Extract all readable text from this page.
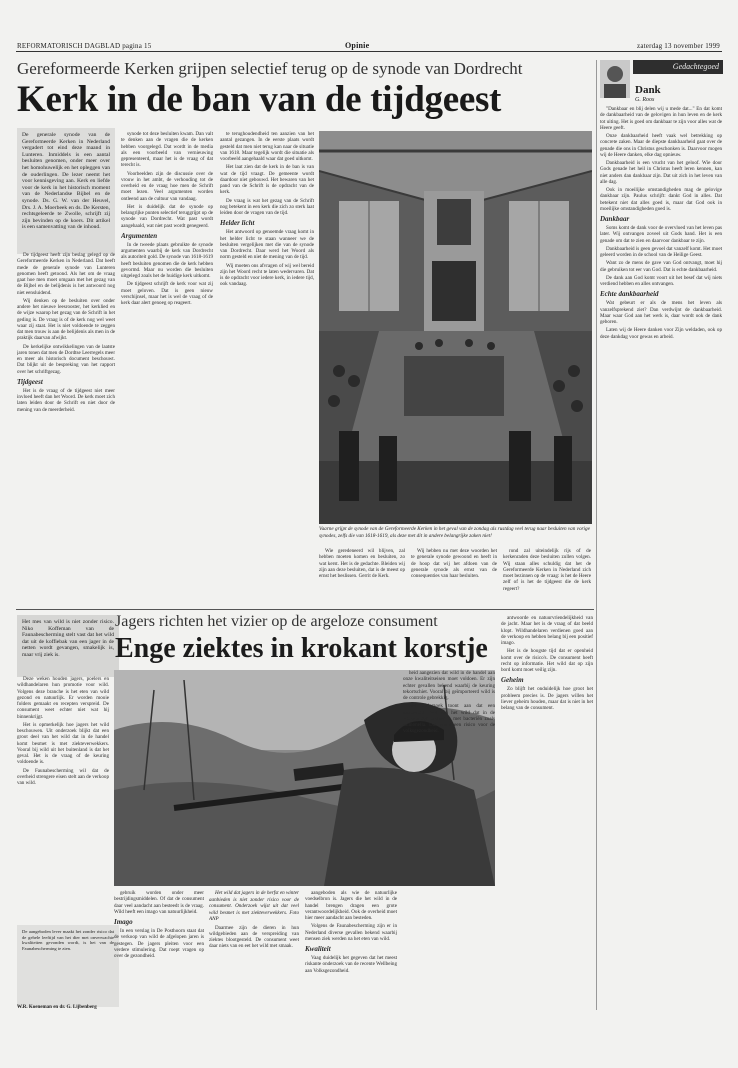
REFORMATORISCH DAGBLAD pagina 15	Opinie	zaterdag 13 november 1999
Gereformeerde Kerken grijpen selectief terug op de synode van Dordrecht
Kerk in de ban van de tijdgeest
De generale synode van de Gereformeerde Kerken in Nederland vergadert tot eind deze maand in Lunteren. Inmiddels is een aantal besluiten genomen, onder meer over het homohuwelijk en het opleggen van de ouderlingen. De lezer neemt het voor kennisgeving aan. Kerk en liefde voor de kerk in het historisch moment van de Nederlandse Bijbel en de synode. Ds. G. W. van der Heuvel, Drs. J. A. Moerbeek en ds. De Kersten, rechtsgeleerde te Zwolle, schrijft zij zijn bevinden op de koers. Dit artikel is een samenvatting van de inhoud.

De tijdgeest heeft zijn beslag gelegd op de Gereformeerde Kerken in Nederland. Dat heeft mede de generale synode van Lunteren genomen heeft getoond. Als het om de vraag gaat hoe men moet omgaan met het gezag van de Bijbel en de belijdenis is het antwoord nog niet eensluidend.

Wij denken op de besluiten over onder andere het nieuwe leesrooster, het kerklied en de wijze waarop het gezag van de Schrift in het geding is. De vraag is of de kerk nog wel weet waar zij staat. Het is niet voldoende te zeggen dat men trouw is aan de belijdenis als men in de praktijk daarvan afwijkt.

De kerkelijke ontwikkelingen van de laatste jaren tonen dat men de Dordtse Leerregels meer en meer als historisch document beschouwt. Dat blijkt uit de bespreking van het rapport over het schriftgezag.

Tijdgeest

Het is de vraag of de tijdgeest niet meer invloed heeft dan het Woord. De kerk moet zich laten leiden door de Schrift en niet door de mening van de meerderheid.

synode tot deze besluiten kwam. Dan valt te denken aan de vragen die de kerken hebben voorgelegd. Dat wordt in de media als een voorbeeld van vernieuwing gepresenteerd, maar het is de vraag of dat terecht is.

Voorbeelden zijn de discussie over de vrouw in het ambt, de verhouding tot de overheid en de vraag hoe men de Schrift moet lezen. Veel argumenten worden ontleend aan de cultuur van vandaag.

Het is duidelijk dat de synode op belangrijke punten selectief teruggrijpt op de synode van Dordrecht. Wat past wordt aangehaald, wat niet past wordt genegeerd.

Argumenten

In de tweede plaats gebruikte de synode argumenten waarbij de kerk van Dordrecht als autoriteit gold. De synode van 1618-1619 heeft besluiten genomen die de kerk hebben gevormd. Maar nu worden die besluiten uitgelegd zoals het de huidige kerk uitkomt.

De tijdgeest schrijft de kerk voor wat zij moet geloven. Dat is geen nieuw verschijnsel, maar het is wel de vraag of de kerk daar alert genoeg op reageert.

te terughoudendheid ten aanzien van het aantal gezangen. In de eerste plaats wordt gesteld dat men niet terug kan naar de situatie van 1618. Maar tegelijk wordt die situatie als voorbeeld aangehaald waar dat goed uitkomt.

Het laat zien dat de kerk in de ban is van wat de tijd vraagt. De gemeente wordt daardoor niet gebouwd. Het bewaren van het pand van de Schrift is de opdracht van de kerk.

De vraag is wat het gezag van de Schrift nog betekent in een kerk die zich zo sterk laat leiden door de vragen van de tijd.

Helder licht

Het antwoord op genoemde vraag komt in het helder licht te staan wanneer we de besluiten vergelijken met die van de synode van Dordrecht. Daar werd het Woord als norm gesteld en niet de mening van de tijd.

Wij moeten ons afvragen of wij wel bereid zijn het Woord recht te laten wedervaren. Dat is de opdracht voor iedere kerk, in iedere tijd, ook vandaag.

Vaarne grijpt de synode van de Gereformeerde Kerken in het geval van de zondag als rustdag veel terug naar besluiten van vorige synodes, zelfs die van 1618-1619, als deze met dit in andere belangrijke zaken niet!

Wie geredeneerd wil blijven, zal hebben moeten komen en besluiten, zo wat kerst. Het is de gedachte. Bleiden wij zijn aan deze besluiten, dat is de meest op ernst het beslissen. Gerrit de Kerk.

Wij hebben nu met deze woorden het te generale synode gewoond en heeft in de hoop dat wij het afdoen van de generale synode als ernst van de consequenties van haar besluiten.

rond zal uiteindelijk rijs of de kerkenraden deze besluiten zullen volgen. Wij staan alles schuldig dat het de Gereformeerde Kerken in Nederland zich moet bezinnen op de vraag: is het de Heere zelf of is het de tijdgeest die de kerk regeert?

Gedachtegoed
Dank
G. Roos

"Dankbaar en blij delen wij u mede dat..." En dat komt de dankbaarheid van de gelovigen in hun leven en de kerk tot uiting. Het is goed om dankbaar te zijn voor alles wat de Heere geeft.

Onze dankbaarheid heeft vaak wel betrekking op concrete zaken. Maar de diepste dankbaarheid gaat over de genade die ons in Christus geschonken is. Daarvoor mogen wij de Heere danken, elke dag opnieuw.

Dankbaarheid is een vrucht van het geloof. Wie door Gods genade het heil in Christus heeft leren kennen, kan niet anders dan dankbaar zijn. Dat uit zich in het leven van alle dag.

Ook in moeilijke omstandigheden mag de gelovige dankbaar zijn. Paulus schrijft: dankt God in alles. Dat betekent niet dat alles goed is, maar dat God ook in moeilijke omstandigheden goed is.

Dankbaar

Soms komt de dank voor de overvloed van het leven pas later. Wij ontvangen zoveel uit Gods hand. Het is een genade om dat te zien en daarvoor dankbaar te zijn.

Dankbaarheid is geen gevoel dat vanzelf komt. Het moet geleerd worden in de school van de Heilige Geest.

Want zo de mens de gave van God ontvangt, moet hij die gebruiken tot eer van God. Dat is echte dankbaarheid.

De dank aan God komt voort uit het besef dat wij niets verdiend hebben en alles ontvangen.

Echte dankbaarheid

Wat gebeurt er als de mens het leven als vanzelfsprekend ziet? Dan verdwijnt de dankbaarheid. Maar waar God aan het werk is, daar wordt ook de dank geboren.

Laten wij de Heere danken voor Zijn weldaden, ook op deze dankdag voor gewas en arbeid.

Het mes van wild is niet zonder risico. Niko Koffeman van de Faunabescherming stelt vast dat het wild dat uit de koffiebak van een jager in de netten wordt gevangen, smakelijk is, maar vrij ziek is.
Jagers richten het vizier op de argeloze consument
Enge ziektes in krokant korstje

Deze weken houden jagers, poelers en wildhandelaren hun promotie voor wild. Volgens deze branche is het eten van wild gezond en natuurlijk. Er worden mooie folders gemaakt en recepten verspreid. De consument weet echter niet wat hij binnenkrijgt.

Het is opmerkelijk hoe jagers het wild beschouwen. Uit onderzoek blijkt dat een groot deel van het wild dat in de handel komt besmet is met ziekteverwekkers. Vooral bij wild uit het buitenland is dat het geval. Het is de vraag of de keuring voldoende is.

De Faunabescherming wil dat de overheid strengere eisen stelt aan de verkoop van wild.

De aangeboden lever maakt het zonder risico dat de gehele leeftijd van het dier met onverwachte kwaliteiten gevonden wordt, is het van de Faunabescherming te zien.
W.R. Koeneman en dr. G. Lijbenberg

gebruik worden onder meer bestrijdingsmiddelen. Of dat de consument daar veel aandacht aan besteedt is de vraag. Wild heeft een imago van natuurlijkheid.

Imago

In een verslag in De Posthoorn staat dat de verkoop van wild de afgelopen jaren is gestegen. De jagers pleiten voor een verdere stimulering. Dat roept vragen op over de gezondheid.

Het wild dat jagers in de herfst en winter aanbieden is niet zonder risico voor de consument. Onderzoek wijst uit dat veel wild besmet is met ziekteverwekkers. Foto ANP

Daarmee zijn de dieren in hun wildgebieden aan de verspreiding van ziektes blootgesteld. De consument weet daar niets van en eet het wild met smaak.

aangeboden als wie de natuurlijke voedselbron is. Jagers die het wild in de handel brengen dragen een grote verantwoordelijkheid. Ook de overheid moet hier meer aandacht aan besteden.

Volgens de Faunabescherming zijn er in Nederland diverse gevallen bekend waarbij mensen ziek werden na het eten van wild.

Kwaliteit

Vaag duidelijk het gegeven dat het meest riskante onderzoek van de recente Wellbeing aan Volksgezondheid.

heid aangezien dat wild in de handel aan onze kwaliteitseisen moet voldoen. Er zijn echter gevallen bekend waarbij de keuring tekortschiet. Vooral bij geïmporteerd wild is de controle gebrekkig.

Het onderzoek toont aan dat een aanzienlijk deel van het wild dat in de winkels ligt besmet is met bacteriën zoals salmonella. Dat vormt een risico voor de volksgezondheid.

antwoorde en natuurvriendelijkheid van de jacht. Maar het is de vraag of dat beeld klopt. Wildhandelaren verdienen goed aan de verkoop en hebben belang bij een positief imago.

Het is de hoogste tijd dat er openheid komt over de risico's. De consument heeft recht op informatie. Het wild dat op zijn bord komt moet veilig zijn.

Geheim

Zo blijft het onduidelijk hoe groot het probleem precies is. De jagers willen het liever geheim houden, maar dat is niet in het belang van de consument.
